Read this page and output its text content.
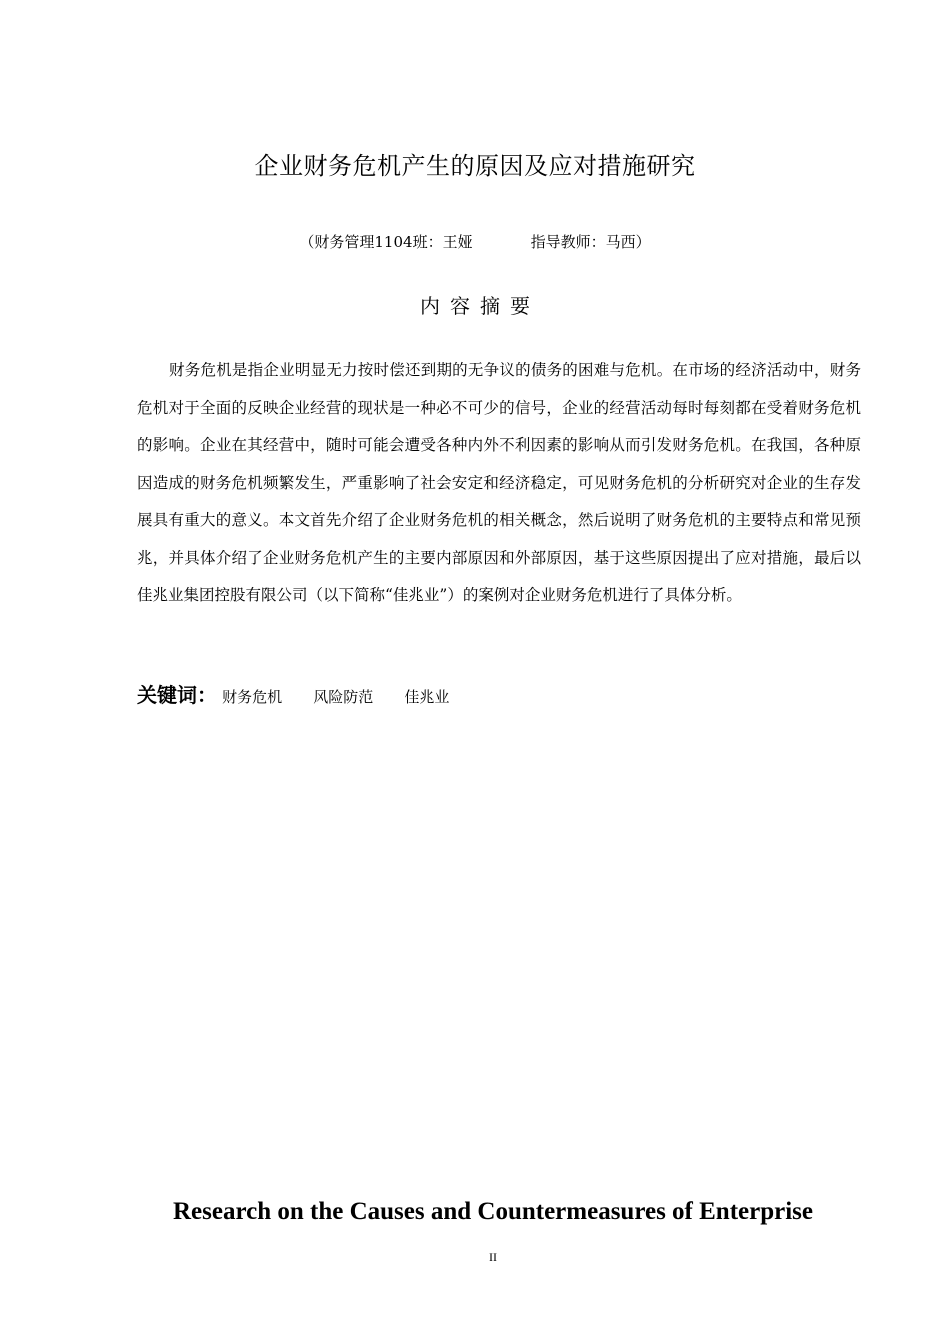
企业财务危机产生的原因及应对措施研究
（财务管理1104班：王娅	指导教师：马西）
内容摘要

财务危机是指企业明显无力按时偿还到期的无争议的债务的困难与危机。在市场的经济活动中，财务危机对于全面的反映企业经营的现状是一种必不可少的信号，企业的经营活动每时每刻都在受着财务危机的影响。企业在其经营中，随时可能会遭受各种内外不利因素的影响从而引发财务危机。在我国，各种原因造成的财务危机频繁发生，严重影响了社会安定和经济稳定，可见财务危机的分析研究对企业的生存发展具有重大的意义。本文首先介绍了企业财务危机的相关概念，然后说明了财务危机的主要特点和常见预兆，并具体介绍了企业财务危机产生的主要内部原因和外部原因，基于这些原因提出了应对措施，最后以佳兆业集团控股有限公司（以下简称“佳兆业”）的案例对企业财务危机进行了具体分析。

关键词： 财务危机 风险防范 佳兆业
Research on the Causes and Countermeasures of Enterprise
II
